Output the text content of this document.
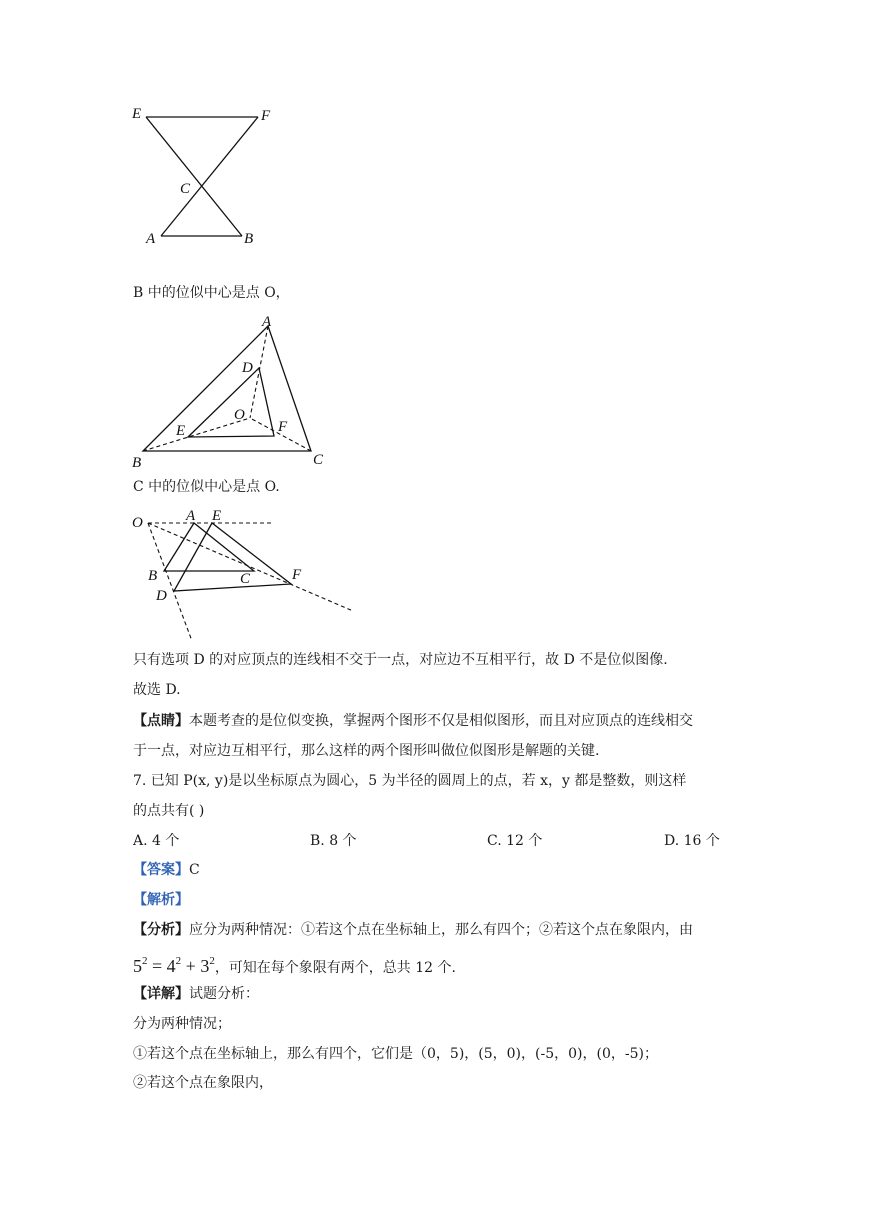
E	F
C
A	B
B 中的位似中心是点 O，
A
D
O
E	F
B	C
C 中的位似中心是点 O.
O	A E
B	C	F
D
只有选项 D 的对应顶点的连线相不交于一点，对应边不互相平行，故 D 不是位似图像.
故选 D.
【点睛】本题考查的是位似变换，掌握两个图形不仅是相似图形，而且对应顶点的连线相交
于一点，对应边互相平行，那么这样的两个图形叫做位似图形是解题的关键.
7. 已知 P(x, y)是以坐标原点为圆心，5 为半径的圆周上的点，若 x，y 都是整数，则这样
的点共有( )
A. 4 个	B. 8 个	C. 12 个	D. 16 个
【答案】C
【解析】
【分析】应分为两种情况：①若这个点在坐标轴上，那么有四个；②若这个点在象限内，由
$5^2 = 4^2 + 3^2$，可知在每个象限有两个，总共 12 个.
【详解】试题分析：
分为两种情况；
①若这个点在坐标轴上，那么有四个，它们是（0，5)，(5，0)，(-5，0)，(0，-5)；
②若这个点在象限内，
